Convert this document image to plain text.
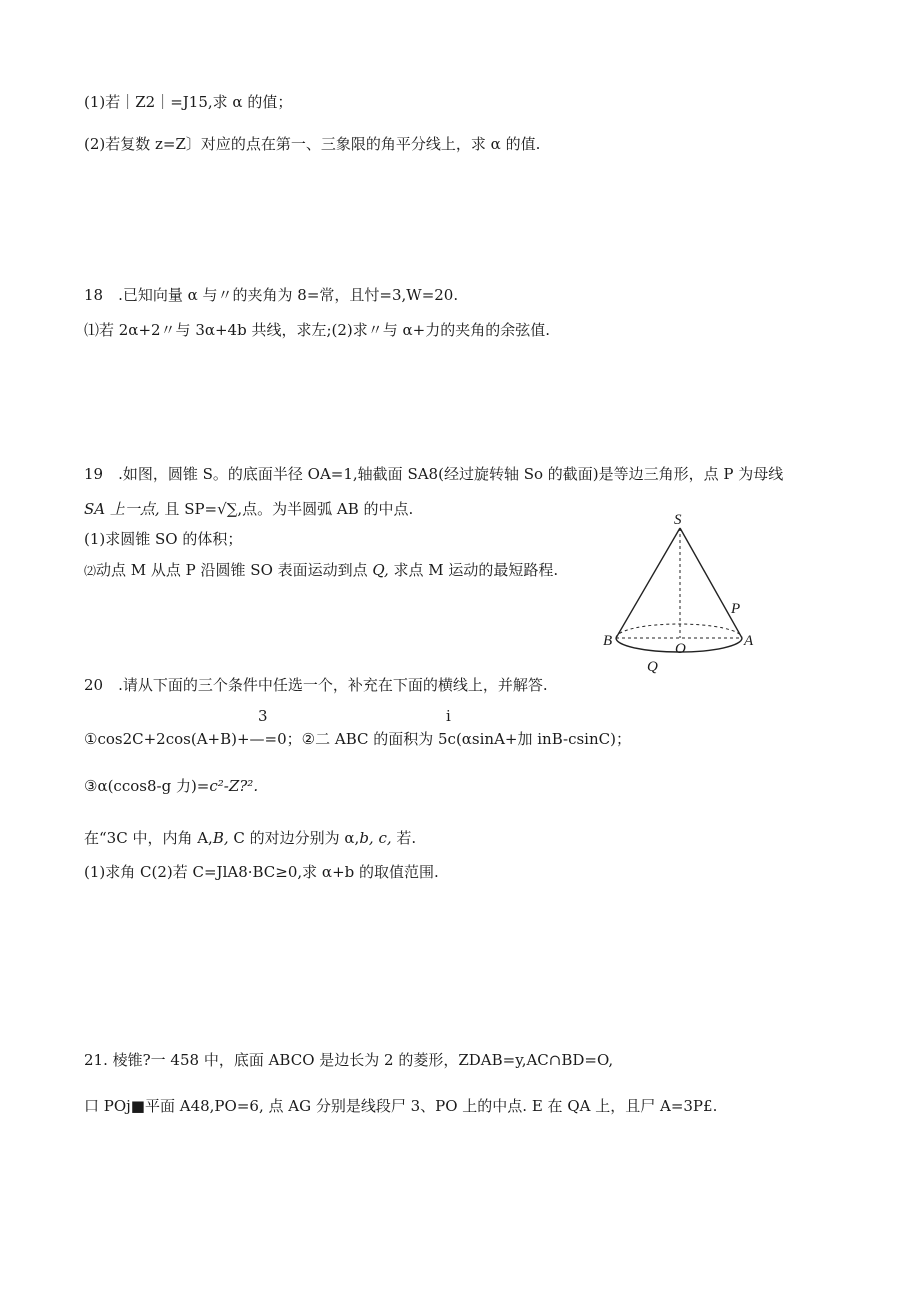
(1)若｜Z2｜=J15,求 α 的值；
(2)若复数 z=Z〕对应的点在第一、三象限的角平分线上，求 α 的值.
18　.已知向量 α 与〃的夹角为 8=常，且忖=3,W=20.
⑴若 2α+2〃与 3α+4b 共线，求左;(2)求〃与 α+力的夹角的余弦值.
19　.如图，圆锥 S。的底面半径 OA=1,轴截面 SA8(经过旋转轴 So 的截面)是等边三角形，点 P 为母线
SA 上一点, 且 SP=√∑,点。为半圆弧 AB 的中点.
(1)求圆锥 SO 的体积；
⑵动点 M 从点 P 沿圆锥 SO 表面运动到点 Q, 求点 M 运动的最短路程.
S
P
B	O	A
Q
20　.请从下面的三个条件中任选一个，补充在下面的横线上，并解答.
3	i
①cos2C+2cos(A+B)+—=0；②二 ABC 的面积为 5c(αsinA+加 inB-csinC)；
③α(ccos8-g 力)=c²-Z?².
在“3C 中，内角 A,B, C 的对边分别为 α,b, c, 若.
(1)求角 C(2)若 C=JlA8·BC≥0,求 α+b 的取值范围.
21. 棱锥?一 458 中，底面 ABCO 是边长为 2 的菱形，ZDAB=y,AC∩BD=O,
口 POj■平面 A48,PO=6, 点 AG 分别是线段尸 3、PO 上的中点. E 在 QA 上，且尸 A=3P£.
